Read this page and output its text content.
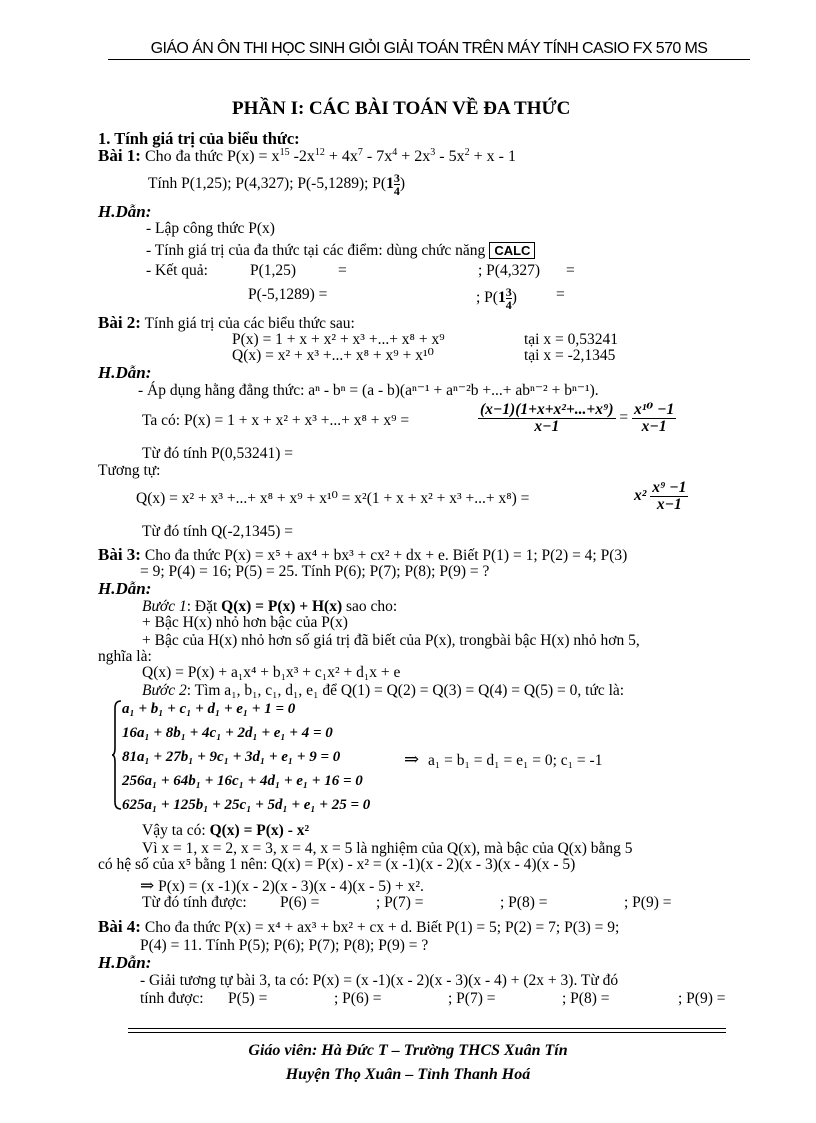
GIÁO ÁN ÔN THI HỌC SINH GIỎI GIẢI TOÁN TRÊN MÁY TÍNH CASIO FX 570 MS
PHẦN I: CÁC BÀI TOÁN VỀ ĐA THỨC
1. Tính giá trị của biểu thức:
Bài 1: Cho đa thức $P(x) = x^{15}$ $-2x^{12} + 4x^7 - 7x^4 + 2x^3 - 5x^2 + x - 1$
Tính P(1,25); P(4,327); P(-5,1289); $P(1 \frac{3}{4})$
H.Dẫn:
- Lập công thức P(x)
- Tính giá trị của đa thức tại các điểm: dùng chức năng CALC
- Kết quả:	P(1,25)	=	; P(4,327) =
P(-5,1289) =	; $P(1 \frac{3}{4})$	=
Bài 2: Tính giá trị của các biểu thức sau:
P(x) = 1 + x + x² + x³ +...+ x⁸ + x⁹	tại x = 0,53241
Q(x) = x² + x³ +...+ x⁸ + x⁹ + x¹⁰	tại x = -2,1345
H.Dẫn:
- Áp dụng hằng đẳng thức: aⁿ - bⁿ = (a - b)(aⁿ⁻¹ + aⁿ⁻²b +...+ abⁿ⁻² + bⁿ⁻¹).
Ta có: P(x) = 1 + x + x² + x³ +...+ x⁸ + x⁹ =	$\frac{\text{(x−1)(1+x+x²+...+x⁹)}}{x-1} = \frac{\text{x¹⁰ −1}}{x-1}$
Từ đó tính P(0,53241) =
Tương tự:
Q(x) = x² + x³ +...+ x⁸ + x⁹ + x¹⁰ = x²(1 + x + x² + x³ +...+ x⁸) =	$x^2 \frac{\text{x⁹ −1}}{x-1}$
Từ đó tính Q(-2,1345) =
Bài 3: Cho đa thức P(x) = x⁵ + ax⁴ + bx³ + cx² + dx + e. Biết P(1) = 1; P(2) = 4; P(3)
= 9; P(4) = 16; P(5) = 25. Tính P(6); P(7); P(8); P(9) = ?
H.Dẫn:
Bước 1: Đặt Q(x) = P(x) + H(x) sao cho:
+ Bậc H(x) nhỏ hơn bậc của P(x)
+ Bậc của H(x) nhỏ hơn số giá trị đã biết của P(x), trongbài bậc H(x) nhỏ hơn 5,
nghĩa là:
Q(x) = P(x) + a₁x⁴ + b₁x³ + c₁x² + d₁x + e
Bước 2: Tìm a₁, b₁, c₁, d₁, e₁ để Q(1) = Q(2) = Q(3) = Q(4) = Q(5) = 0, tức là:
a₁ + b₁ + c₁ + d₁ + e₁ + 1 = 0
16a₁ + 8b₁ + 4c₁ + 2d₁ + e₁ + 4 = 0
81a₁ + 27b₁ + 9c₁ + 3d₁ + e₁ + 9 = 0
256a₁ + 64b₁ + 16c₁ + 4d₁ + e₁ + 16 = 0
625a₁ + 125b₁ + 25c₁ + 5d₁ + e₁ + 25 = 0
⇒ a₁ = b₁ = d₁ = e₁ = 0; c₁ = -1
Vậy ta có: Q(x) = P(x) - x²
Vì x = 1, x = 2, x = 3, x = 4, x = 5 là nghiệm của Q(x), mà bậc của Q(x) bằng 5
có hệ số của x⁵ bằng 1 nên: Q(x) = P(x) - x² = (x -1)(x - 2)(x - 3)(x - 4)(x - 5)
⇒ P(x) = (x -1)(x - 2)(x - 3)(x - 4)(x - 5) + x².
Từ đó tính được: P(6) =	; P(7) =	; P(8) =	; P(9) =
Bài 4: Cho đa thức P(x) = x⁴ + ax³ + bx² + cx + d. Biết P(1) = 5; P(2) = 7; P(3) = 9;
P(4) = 11. Tính P(5); P(6); P(7); P(8); P(9) = ?
H.Dẫn:
- Giải tương tự bài 3, ta có: P(x) = (x -1)(x - 2)(x - 3)(x - 4) + (2x + 3). Từ đó
tính được: P(5) =	; P(6) =	; P(7) =	; P(8) =	; P(9) =
Giáo viên: Hà Đức T – Trường THCS Xuân Tín
Huyện Thọ Xuân – Tỉnh Thanh Hoá
